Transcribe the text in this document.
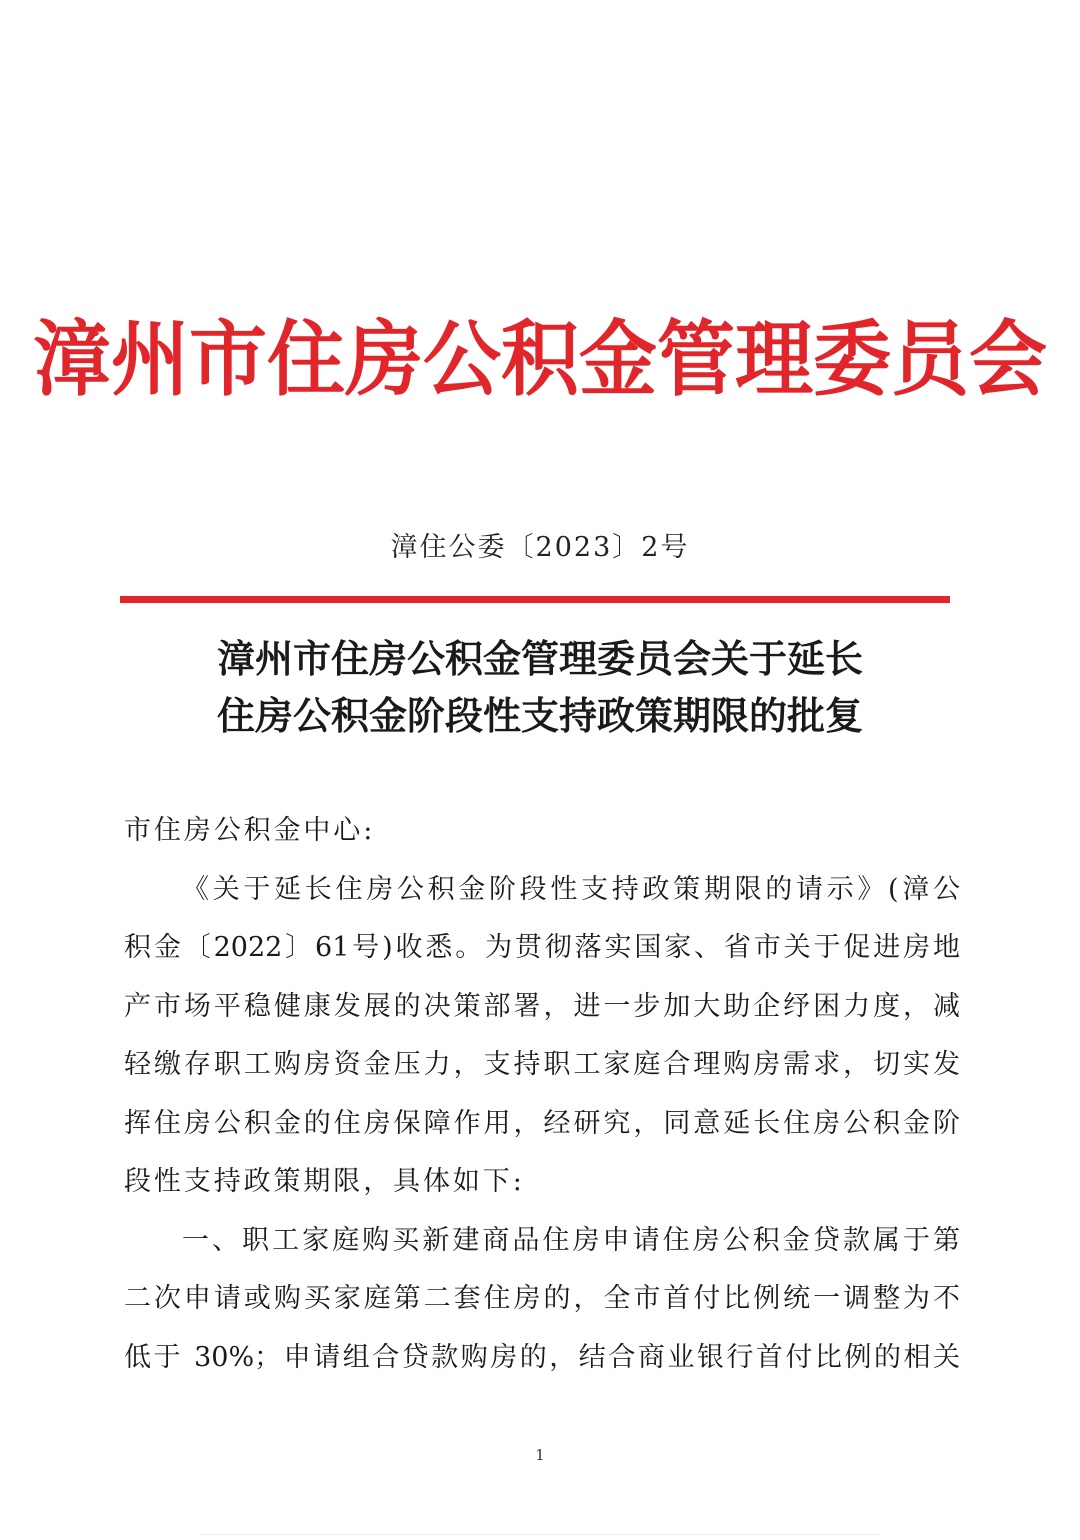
漳州市住房公积金管理委员会
漳住公委〔2023〕2号
漳州市住房公积金管理委员会关于延长
住房公积金阶段性支持政策期限的批复
市住房公积金中心:
《关于延长住房公积金阶段性支持政策期限的请示》(漳公
积金〔2022〕61号)收悉。为贯彻落实国家、省市关于促进房地
产市场平稳健康发展的决策部署，进一步加大助企纾困力度，减
轻缴存职工购房资金压力，支持职工家庭合理购房需求，切实发
挥住房公积金的住房保障作用，经研究，同意延长住房公积金阶
段性支持政策期限，具体如下:
一、职工家庭购买新建商品住房申请住房公积金贷款属于第
二次申请或购买家庭第二套住房的，全市首付比例统一调整为不
低于 30%；申请组合贷款购房的，结合商业银行首付比例的相关
1
